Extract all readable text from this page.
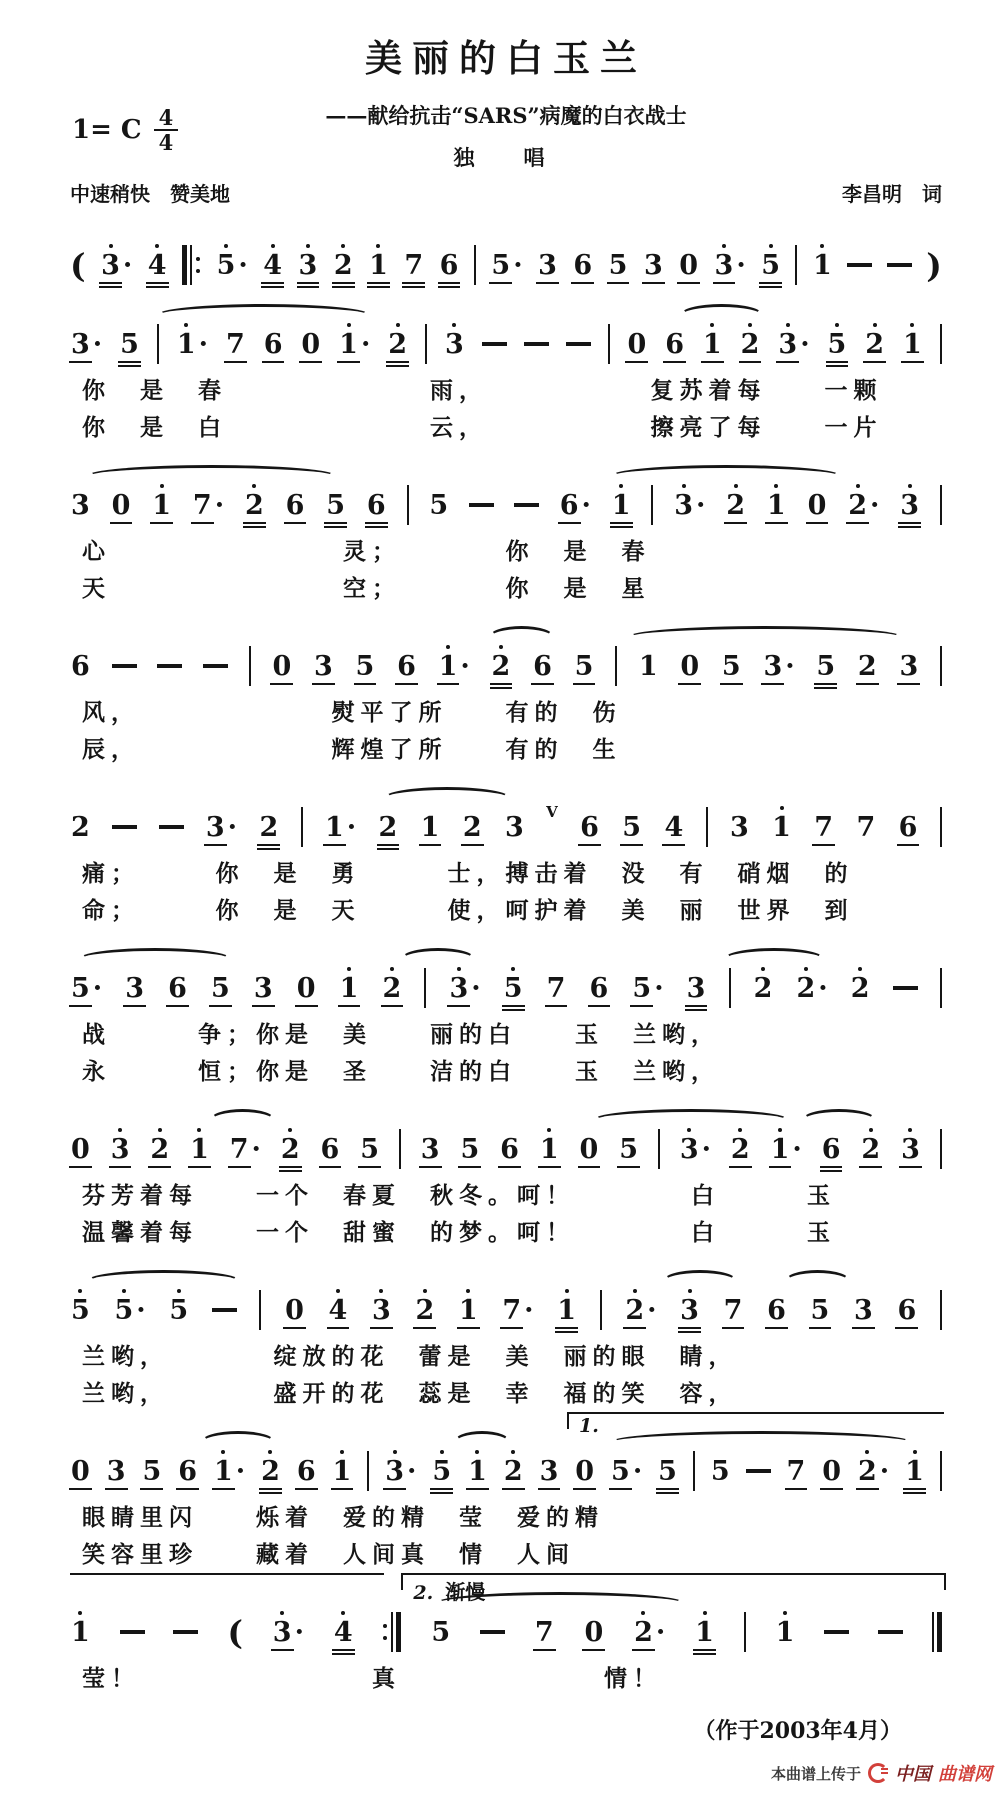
美丽的白玉兰
——献给抗击“SARS”病魔的白衣战士
1= C $\frac{4}{4}$
独　唱
中速稍快　赞美地	李昌明　词
( 3 · 4 5 · 4 3 2 1 7 6 5 · 3 6 5 3 0 3 · 5 1	)
3 · 5 1 · 7 6 0 1 · 2 3	0 6 1 2 3 · 5 2 1
你　是　春　　　　　　　雨，　　　　　　复苏着每　　一颗
你　是　白　　　　　　　云，　　　　　　擦亮了每　　一片
3 0 1 7 · 2 6 5 6 5	6 · 1 3 · 2 1 0 2 · 3
心　　　　　　　　灵；　　　　你　是　春
天　　　　　　　　空；　　　　你　是　星
6	0 3 5 6 1 · 2 6 5 1 0 5 3 · 5 2 3
风，　　　　　　　熨平了所　　有的　伤
辰，　　　　　　　辉煌了所　　有的　生
2	3 · 2 1 · 2 1 2 3 V 6 5 4 3 1 7 7 6
痛；　　　你　是　勇　　　士，搏击着　没　有　硝烟　的
命；　　　你　是　天　　　使，呵护着　美　丽　世界　到
5 · 3 6 5 3 0 1 2 3 · 5 7 6 5 · 3 2 2 · 2
战　　　争；你是　美　　丽的白　　玉　兰哟，
永　　　恒；你是　圣　　洁的白　　玉　兰哟，
0 3 2 1 7 · 2 6 5 3 5 6 1 0 5 3 · 2 1 · 6 2 3
芬芳着每　　一个　春夏　秋冬。呵！　　　　白　　　玉
温馨着每　　一个　甜蜜　的梦。呵！　　　　白　　　玉
5 5 · 5	0 4 3 2 1 7 · 1 2 · 3 7 6 5 3 6
兰哟，　　　　绽放的花　蕾是　美　丽的眼　睛，
兰哟，　　　　盛开的花　蕊是　幸　福的笑　容，
1.
0 3 5 6 1 · 2 6 1 3 · 5 1 2 3 0 5 · 5 5 7 0 2 · 1
眼睛里闪　　烁着　爱的精　莹　爱的精
笑容里珍　　藏着　人间真　情　人间
2. 渐慢
1	( 3 · 4	5	7 0 2 · 1 1
莹！　　　　　　　　真　　　　　　　情！
（作于2003年4月）
本曲谱上传于 中国 曲谱网
